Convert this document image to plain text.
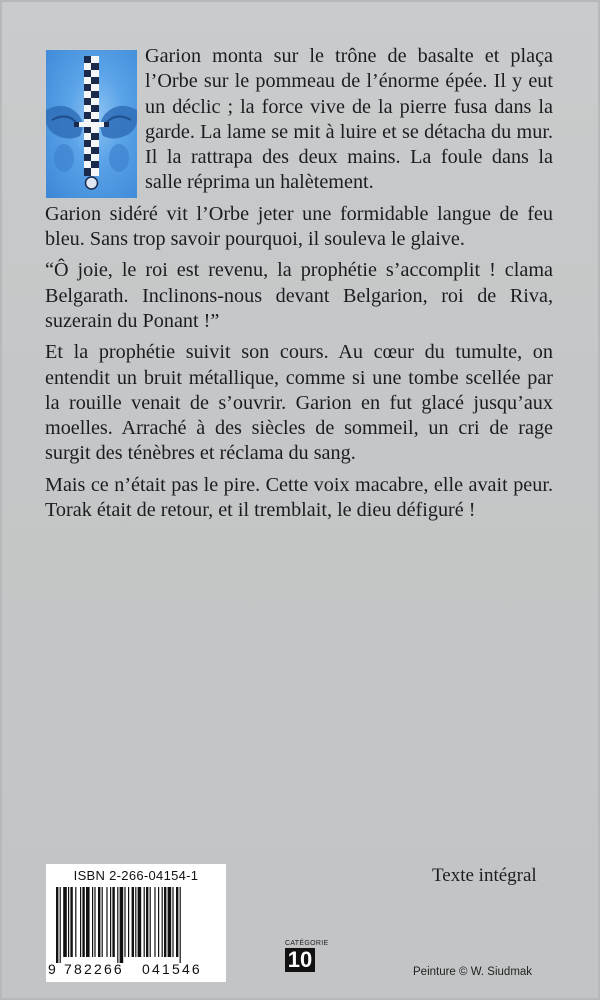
Garion monta sur le trône de basalte et plaça l’Orbe sur le pommeau de l’énorme épée. Il y eut un déclic ; la force vive de la pierre fusa dans la garde. La lame se mit à luire et se détacha du mur. Il la rattrapa des deux mains. La foule dans la salle réprima un halètement.

Garion sidéré vit l’Orbe jeter une formidable langue de feu bleu. Sans trop savoir pourquoi, il souleva le glaive.

“Ô joie, le roi est revenu, la prophétie s’accomplit ! clama Belgarath. Inclinons-nous devant Belgarion, roi de Riva, suzerain du Ponant !”

Et la prophétie suivit son cours. Au cœur du tumulte, on entendit un bruit métallique, comme si une tombe scellée par la rouille venait de s’ouvrir. Garion en fut glacé jusqu’aux moelles. Arraché à des siècles de sommeil, un cri de rage surgit des ténèbres et réclama du sang.

Mais ce n’était pas le pire. Cette voix macabre, elle avait peur. Torak était de retour, et il tremblait, le dieu défiguré !

Texte intégral
ISBN 2-266-04154-1
9 782266 041546
CATÉGORIE
10	Peinture © W. Siudmak
